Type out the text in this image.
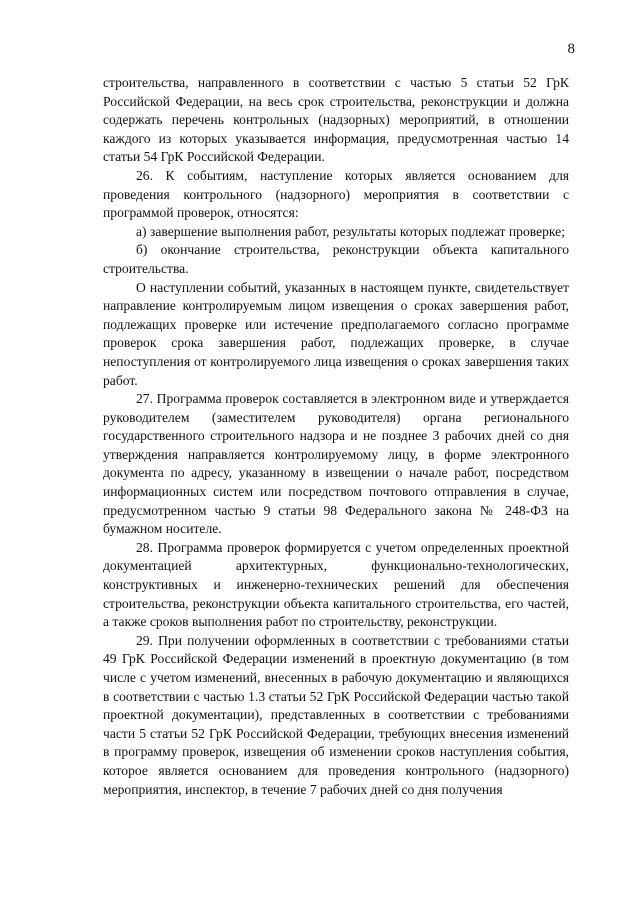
8

строительства, направленного в соответствии с частью 5 статьи 52 ГрК Российской Федерации, на весь срок строительства, реконструкции и должна содержать перечень контрольных (надзорных) мероприятий, в отношении каждого из которых указывается информация, предусмотренная частью 14 статьи 54 ГрК Российской Федерации.

26. К событиям, наступление которых является основанием для проведения контрольного (надзорного) мероприятия в соответствии с программой проверок, относятся:

а) завершение выполнения работ, результаты которых подлежат проверке;

б) окончание строительства, реконструкции объекта капитального строительства.

О наступлении событий, указанных в настоящем пункте, свидетельствует направление контролируемым лицом извещения о сроках завершения работ, подлежащих проверке или истечение предполагаемого согласно программе проверок срока завершения работ, подлежащих проверке, в случае непоступления от контролируемого лица извещения о сроках завершения таких работ.

27. Программа проверок составляется в электронном виде и утверждается руководителем (заместителем руководителя) органа регионального государственного строительного надзора и не позднее 3 рабочих дней со дня утверждения направляется контролируемому лицу, в форме электронного документа по адресу, указанному в извещении о начале работ, посредством информационных систем или посредством почтового отправления в случае, предусмотренном частью 9 статьи 98 Федерального закона № 248-ФЗ на бумажном носителе.

28. Программа проверок формируется с учетом определенных проектной документацией архитектурных, функционально-технологических, конструктивных и инженерно-технических решений для обеспечения строительства, реконструкции объекта капитального строительства, его частей, а также сроков выполнения работ по строительству, реконструкции.

29. При получении оформленных в соответствии с требованиями статьи 49 ГрК Российской Федерации изменений в проектную документацию (в том числе с учетом изменений, внесенных в рабочую документацию и являющихся в соответствии с частью 1.3 статьи 52 ГрК Российской Федерации частью такой проектной документации), представленных в соответствии с требованиями части 5 статьи 52 ГрК Российской Федерации, требующих внесения изменений в программу проверок, извещения об изменении сроков наступления события, которое является основанием для проведения контрольного (надзорного) мероприятия, инспектор, в течение 7 рабочих дней со дня получения
